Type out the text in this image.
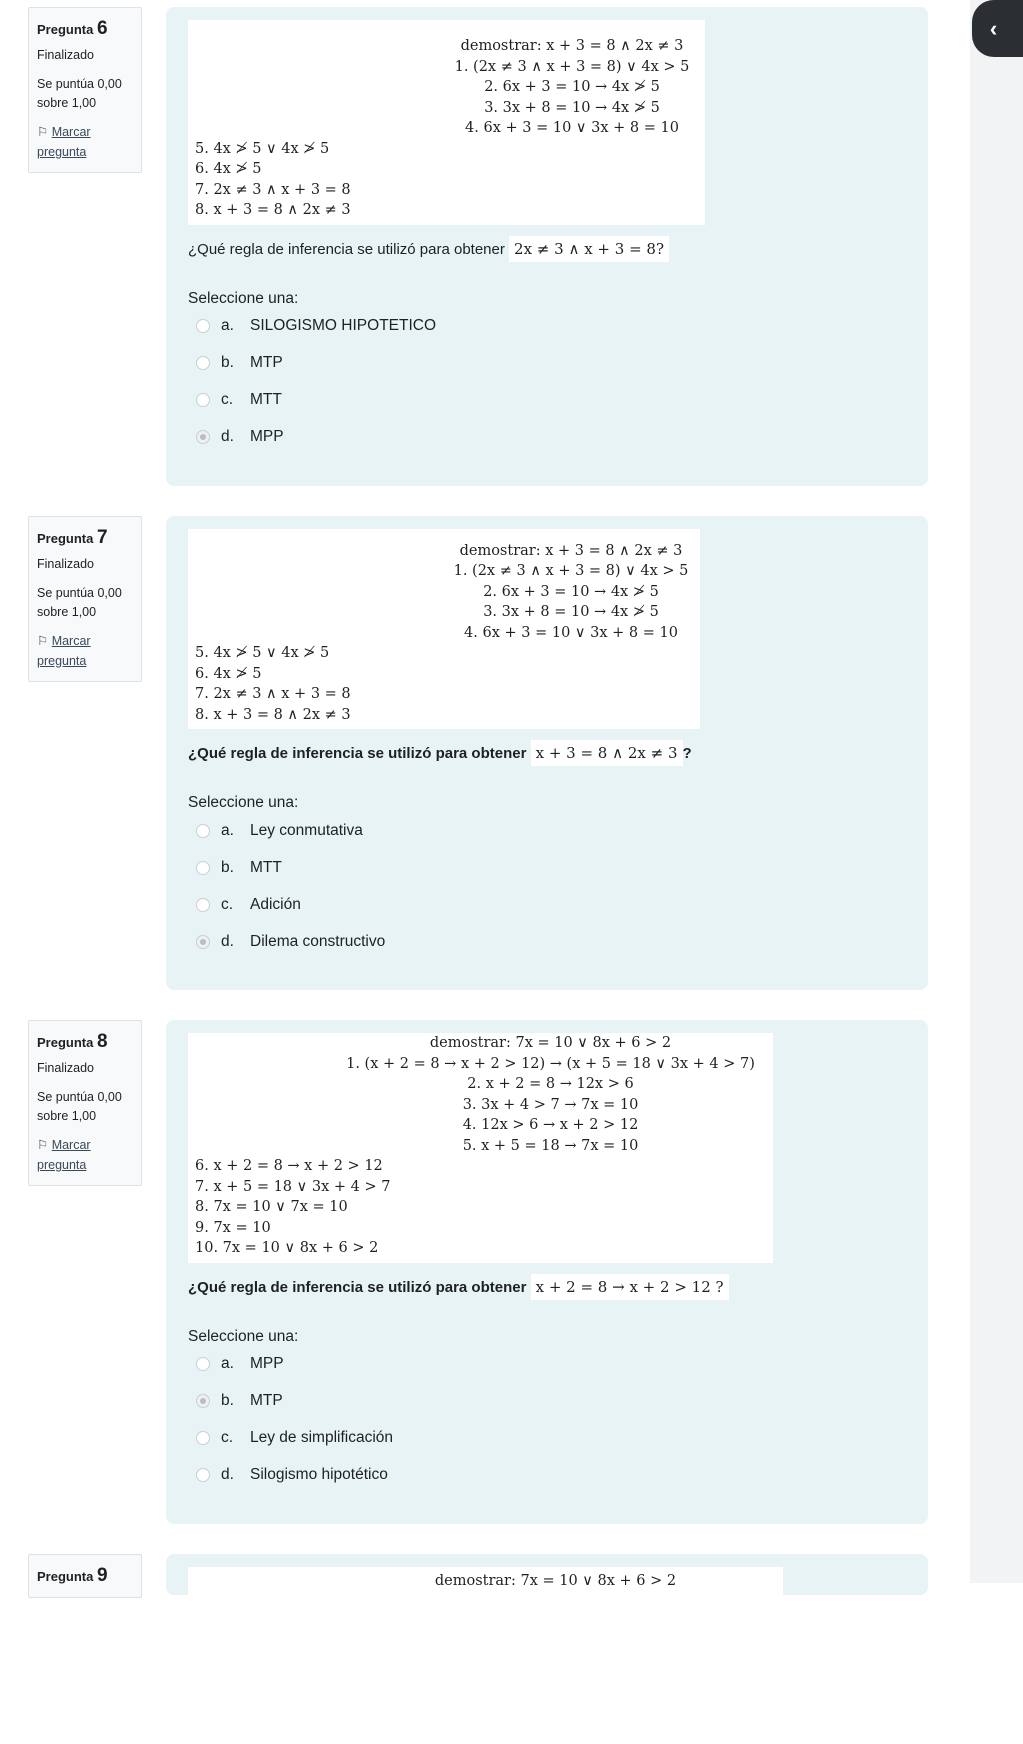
‹
Pregunta 6
Finalizado
Se puntúa 0,00
sobre 1,00
⚐ Marcar
pregunta
demostrar: x + 3 = 8 ∧ 2x ≠ 3
1. (2x ≠ 3 ∧ x + 3 = 8) ∨ 4x > 5
2. 6x + 3 = 10 → 4x ≯ 5
3. 3x + 8 = 10 → 4x ≯ 5
4. 6x + 3 = 10 ∨ 3x + 8 = 10
5. 4x ≯ 5 ∨ 4x ≯ 5
6. 4x ≯ 5
7. 2x ≠ 3 ∧ x + 3 = 8
8. x + 3 = 8 ∧ 2x ≠ 3
¿Qué regla de inferencia se utilizó para obtener 2x ≠ 3 ∧ x + 3 = 8?
Seleccione una:
a.	SILOGISMO HIPOTETICO
b.	MTP
c.	MTT
d.	MPP
Pregunta 7
Finalizado
Se puntúa 0,00
sobre 1,00
⚐ Marcar
pregunta
demostrar: x + 3 = 8 ∧ 2x ≠ 3
1. (2x ≠ 3 ∧ x + 3 = 8) ∨ 4x > 5
2. 6x + 3 = 10 → 4x ≯ 5
3. 3x + 8 = 10 → 4x ≯ 5
4. 6x + 3 = 10 ∨ 3x + 8 = 10
5. 4x ≯ 5 ∨ 4x ≯ 5
6. 4x ≯ 5
7. 2x ≠ 3 ∧ x + 3 = 8
8. x + 3 = 8 ∧ 2x ≠ 3
¿Qué regla de inferencia se utilizó para obtener x + 3 = 8 ∧ 2x ≠ 3 ?
Seleccione una:
a.	Ley conmutativa
b.	MTT
c.	Adición
d.	Dilema constructivo
Pregunta 8
Finalizado
Se puntúa 0,00
sobre 1,00
⚐ Marcar
pregunta
demostrar: 7x = 10 ∨ 8x + 6 > 2
1. (x + 2 = 8 → x + 2 > 12) → (x + 5 = 18 ∨ 3x + 4 > 7)
2. x + 2 = 8 → 12x > 6
3. 3x + 4 > 7 → 7x = 10
4. 12x > 6 → x + 2 > 12
5. x + 5 = 18 → 7x = 10
6. x + 2 = 8 → x + 2 > 12
7. x + 5 = 18 ∨ 3x + 4 > 7
8. 7x = 10 ∨ 7x = 10
9. 7x = 10
10. 7x = 10 ∨ 8x + 6 > 2
¿Qué regla de inferencia se utilizó para obtener x + 2 = 8 → x + 2 > 12 ?
Seleccione una:
a.	MPP
b.	MTP
c.	Ley de simplificación
d.	Silogismo hipotético
Pregunta 9	demostrar: 7x = 10 ∨ 8x + 6 > 2
